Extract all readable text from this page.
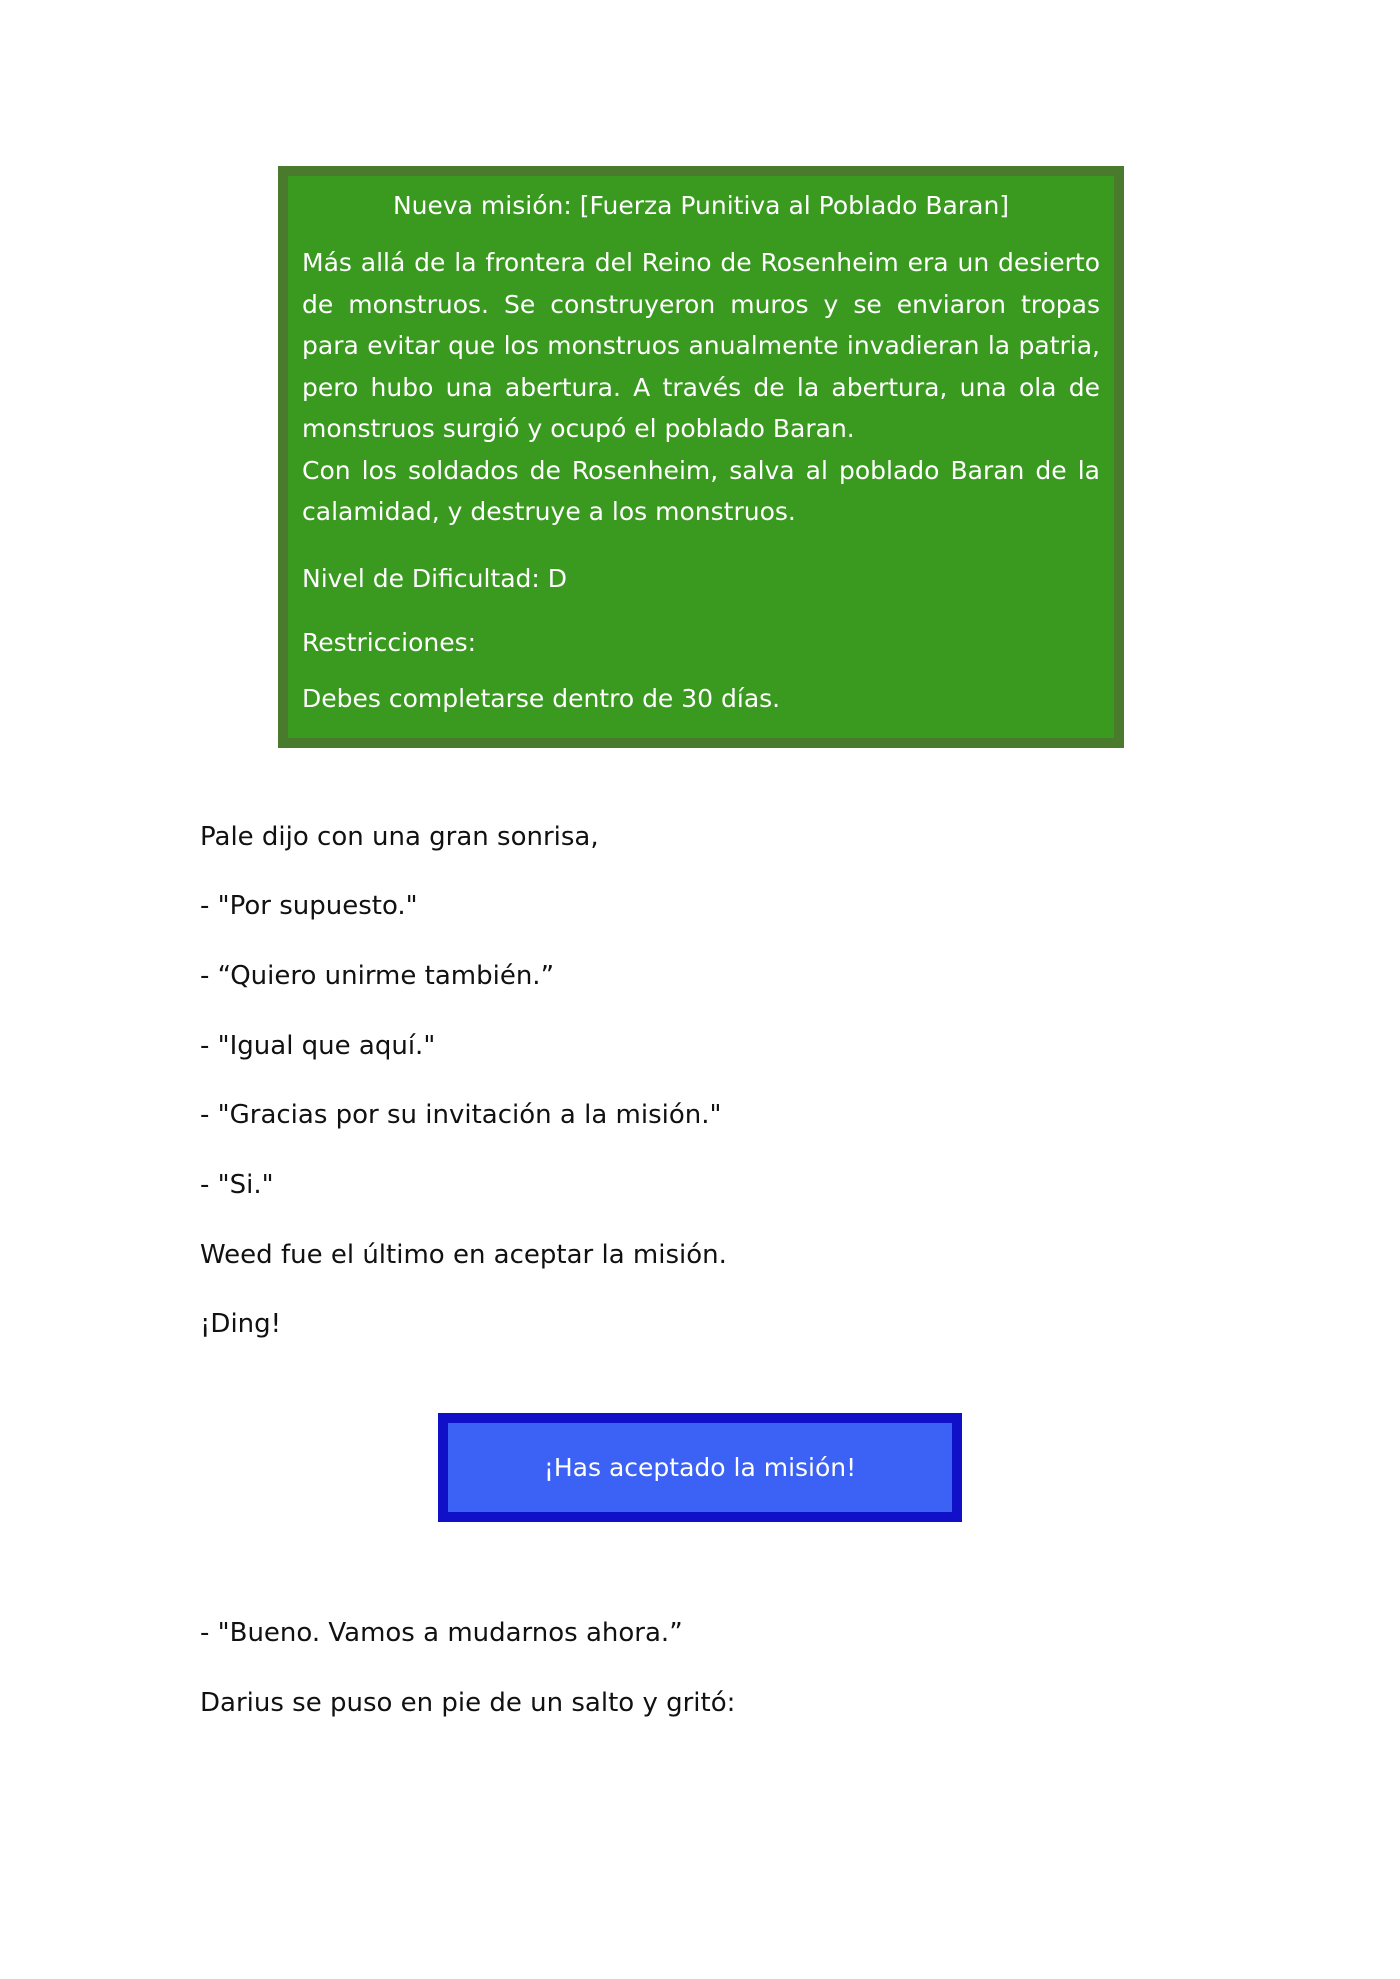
Nueva misión: [Fuerza Punitiva al Poblado Baran]

Más allá de la frontera del Reino de Rosenheim era un desierto de monstruos. Se construyeron muros y se enviaron tropas para evitar que los monstruos anualmente invadieran la patria, pero hubo una abertura. A través de la abertura, una ola de monstruos surgió y ocupó el poblado Baran.

Con los soldados de Rosenheim, salva al poblado Baran de la calamidad, y destruye a los monstruos.

Nivel de Dificultad: D
Restricciones:
Debes completarse dentro de 30 días.

Pale dijo con una gran sonrisa,

- "Por supuesto."

- “Quiero unirme también.”

- "Igual que aquí."

- "Gracias por su invitación a la misión."

- "Si."

Weed fue el último en aceptar la misión.

¡Ding!

¡Has aceptado la misión!

- "Bueno. Vamos a mudarnos ahora.”

Darius se puso en pie de un salto y gritó:
